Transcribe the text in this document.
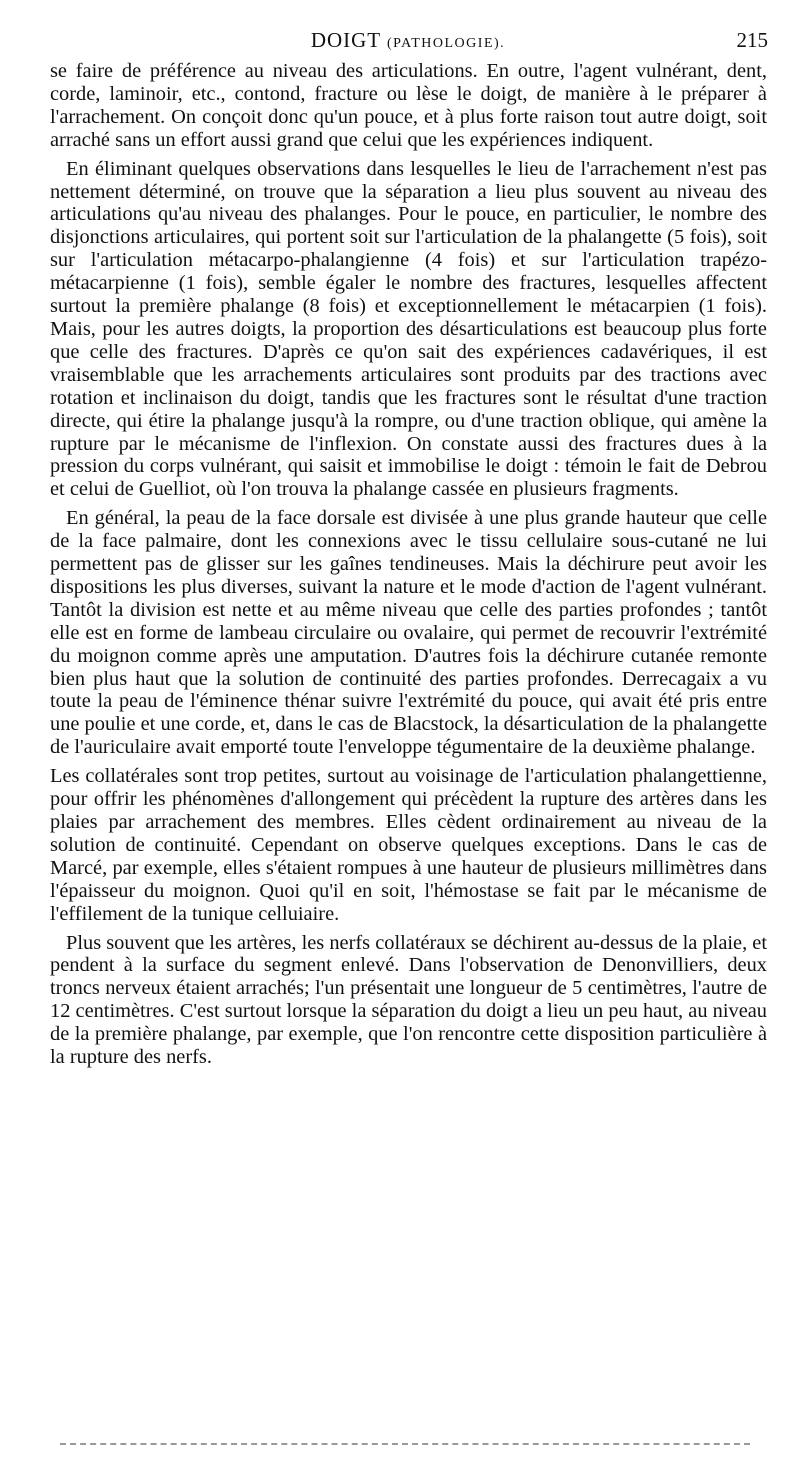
DOIGT (PATHOLOGIE).	215

se faire de préférence au niveau des articulations. En outre, l'agent vulnérant, dent, corde, laminoir, etc., contond, fracture ou lèse le doigt, de manière à le préparer à l'arrachement. On conçoit donc qu'un pouce, et à plus forte raison tout autre doigt, soit arraché sans un effort aussi grand que celui que les expériences indiquent.

En éliminant quelques observations dans lesquelles le lieu de l'arrachement n'est pas nettement déterminé, on trouve que la séparation a lieu plus souvent au niveau des articulations qu'au niveau des phalanges. Pour le pouce, en particulier, le nombre des disjonctions articulaires, qui portent soit sur l'articulation de la phalangette (5 fois), soit sur l'articulation métacarpo-phalangienne (4 fois) et sur l'articulation trapézo-métacarpienne (1 fois), semble égaler le nombre des fractures, lesquelles affectent surtout la première phalange (8 fois) et exceptionnellement le métacarpien (1 fois). Mais, pour les autres doigts, la proportion des désarticulations est beaucoup plus forte que celle des fractures. D'après ce qu'on sait des expériences cadavériques, il est vraisemblable que les arrachements articulaires sont produits par des tractions avec rotation et inclinaison du doigt, tandis que les fractures sont le résultat d'une traction directe, qui étire la phalange jusqu'à la rompre, ou d'une traction oblique, qui amène la rupture par le mécanisme de l'inflexion. On constate aussi des fractures dues à la pression du corps vulnérant, qui saisit et immobilise le doigt : témoin le fait de Debrou et celui de Guelliot, où l'on trouva la phalange cassée en plusieurs fragments.

En général, la peau de la face dorsale est divisée à une plus grande hauteur que celle de la face palmaire, dont les connexions avec le tissu cellulaire sous-cutané ne lui permettent pas de glisser sur les gaînes tendineuses. Mais la déchirure peut avoir les dispositions les plus diverses, suivant la nature et le mode d'action de l'agent vulnérant. Tantôt la division est nette et au même niveau que celle des parties profondes ; tantôt elle est en forme de lambeau circulaire ou ovalaire, qui permet de recouvrir l'extrémité du moignon comme après une amputation. D'autres fois la déchirure cutanée remonte bien plus haut que la solution de continuité des parties profondes. Derrecagaix a vu toute la peau de l'éminence thénar suivre l'extrémité du pouce, qui avait été pris entre une poulie et une corde, et, dans le cas de Blacstock, la désarticulation de la phalangette de l'auriculaire avait emporté toute l'enveloppe tégumentaire de la deuxième phalange.

Les collatérales sont trop petites, surtout au voisinage de l'articulation phalangettienne, pour offrir les phénomènes d'allongement qui précèdent la rupture des artères dans les plaies par arrachement des membres. Elles cèdent ordinairement au niveau de la solution de continuité. Cependant on observe quelques exceptions. Dans le cas de Marcé, par exemple, elles s'étaient rompues à une hauteur de plusieurs millimètres dans l'épaisseur du moignon. Quoi qu'il en soit, l'hémostase se fait par le mécanisme de l'effilement de la tunique celluiaire.

Plus souvent que les artères, les nerfs collatéraux se déchirent au-dessus de la plaie, et pendent à la surface du segment enlevé. Dans l'observation de Denonvilliers, deux troncs nerveux étaient arrachés; l'un présentait une longueur de 5 centimètres, l'autre de 12 centimètres. C'est surtout lorsque la séparation du doigt a lieu un peu haut, au niveau de la première phalange, par exemple, que l'on rencontre cette disposition particulière à la rupture des nerfs.
